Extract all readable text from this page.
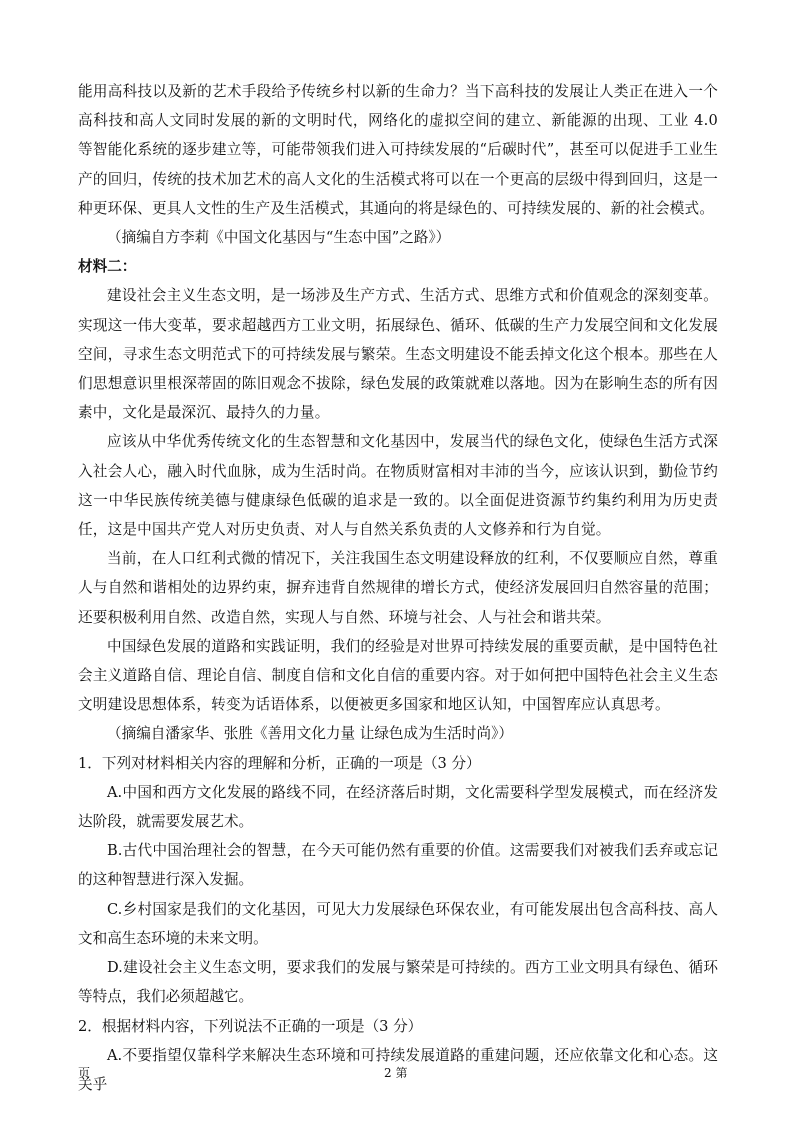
能用高科技以及新的艺术手段给予传统乡村以新的生命力？当下高科技的发展让人类正在进入一个高科技和高人文同时发展的新的文明时代，网络化的虚拟空间的建立、新能源的出现、工业 4.0 等智能化系统的逐步建立等，可能带领我们进入可持续发展的“后碳时代”，甚至可以促进手工业生产的回归，传统的技术加艺术的高人文化的生活模式将可以在一个更高的层级中得到回归，这是一种更环保、更具人文性的生产及生活模式，其通向的将是绿色的、可持续发展的、新的社会模式。

（摘编自方李莉《中国文化基因与“生态中国”之路》）

材料二：

建设社会主义生态文明，是一场涉及生产方式、生活方式、思维方式和价值观念的深刻变革。实现这一伟大变革，要求超越西方工业文明，拓展绿色、循环、低碳的生产力发展空间和文化发展空间，寻求生态文明范式下的可持续发展与繁荣。生态文明建设不能丢掉文化这个根本。那些在人们思想意识里根深蒂固的陈旧观念不拔除，绿色发展的政策就难以落地。因为在影响生态的所有因素中，文化是最深沉、最持久的力量。

应该从中华优秀传统文化的生态智慧和文化基因中，发展当代的绿色文化，使绿色生活方式深入社会人心，融入时代血脉，成为生活时尚。在物质财富相对丰沛的当今，应该认识到，勤俭节约这一中华民族传统美德与健康绿色低碳的追求是一致的。以全面促进资源节约集约利用为历史责任，这是中国共产党人对历史负责、对人与自然关系负责的人文修养和行为自觉。

当前，在人口红利式微的情况下，关注我国生态文明建设释放的红利，不仅要顺应自然，尊重人与自然和谐相处的边界约束，摒弃违背自然规律的增长方式，使经济发展回归自然容量的范围；还要积极利用自然、改造自然，实现人与自然、环境与社会、人与社会和谐共荣。

中国绿色发展的道路和实践证明，我们的经验是对世界可持续发展的重要贡献，是中国特色社会主义道路自信、理论自信、制度自信和文化自信的重要内容。对于如何把中国特色社会主义生态文明建设思想体系，转变为话语体系，以便被更多国家和地区认知，中国智库应认真思考。

（摘编自潘家华、张胜《善用文化力量 让绿色成为生活时尚》）

1．下列对材料相关内容的理解和分析，正确的一项是（3 分）

A.中国和西方文化发展的路线不同，在经济落后时期，文化需要科学型发展模式，而在经济发达阶段，就需要发展艺术。

B.古代中国治理社会的智慧，在今天可能仍然有重要的价值。这需要我们对被我们丢弃或忘记的这种智慧进行深入发掘。

C.乡村国家是我们的文化基因，可见大力发展绿色环保农业，有可能发展出包含高科技、高人文和高生态环境的未来文明。

D.建设社会主义生态文明，要求我们的发展与繁荣是可持续的。西方工业文明具有绿色、循环等特点，我们必须超越它。

2．根据材料内容，下列说法不正确的一项是（3 分）

A.不要指望仅靠科学来解决生态环境和可持续发展道路的重建问题，还应依靠文化和心态。这关乎

页	2 第
